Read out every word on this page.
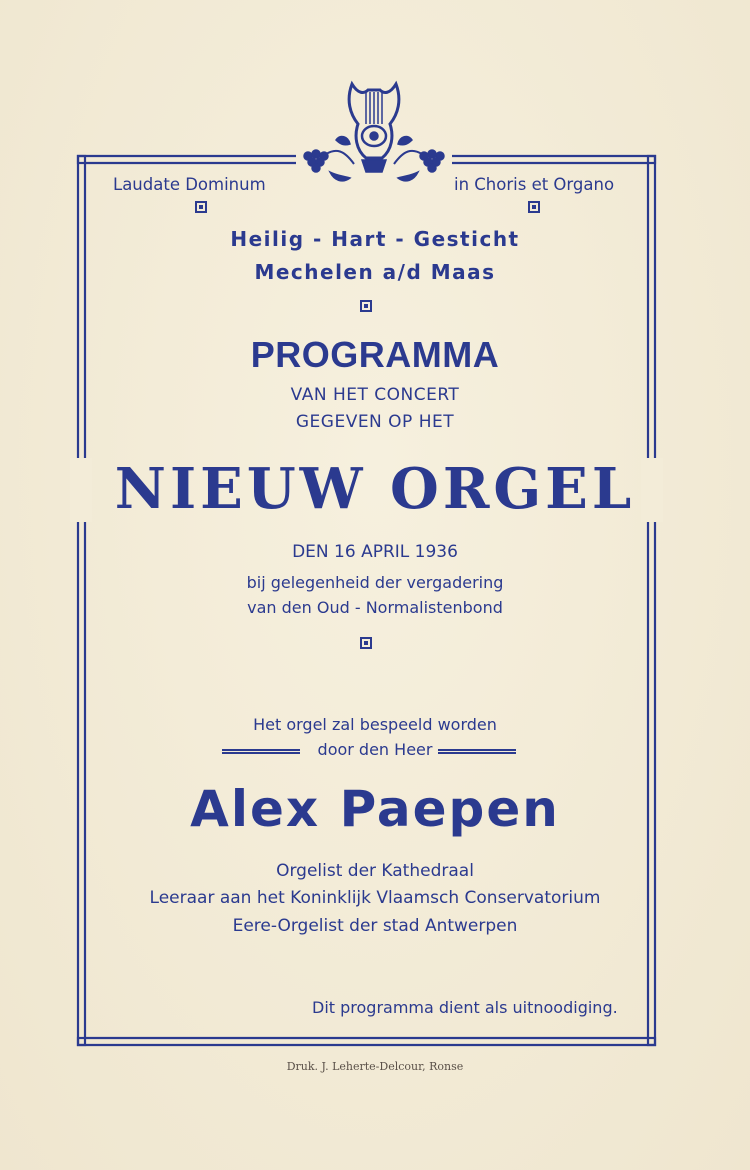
Laudate Dominum	in Choris et Organo
Heilig - Hart - Gesticht
Mechelen a/d Maas
PROGRAMMA
VAN HET CONCERT
GEGEVEN OP HET
NIEUW ORGEL
DEN 16 APRIL 1936
bij gelegenheid der vergadering
van den Oud - Normalistenbond
Het orgel zal bespeeld worden
door den Heer
Alex Paepen
Orgelist der Kathedraal
Leeraar aan het Koninklijk Vlaamsch Conservatorium
Eere-Orgelist der stad Antwerpen
Dit programma dient als uitnoodiging.
Druk. J. Leherte-Delcour, Ronse
